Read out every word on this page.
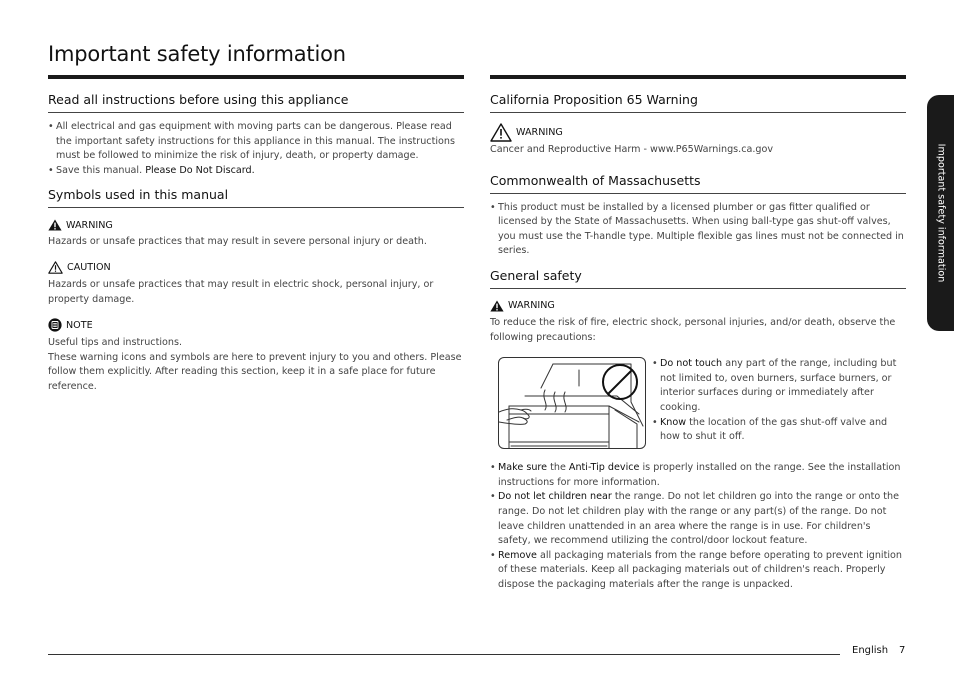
Important safety information
Read all instructions before using this appliance
• All electrical and gas equipment with moving parts can be dangerous. Please read the important safety instructions for this appliance in this manual. The instructions must be followed to minimize the risk of injury, death, or property damage.
• Save this manual. Please Do Not Discard.
Symbols used in this manual
WARNING

Hazards or unsafe practices that may result in severe personal injury or death.

CAUTION

Hazards or unsafe practices that may result in electric shock, personal injury, or property damage.

NOTE

Useful tips and instructions.

These warning icons and symbols are here to prevent injury to you and others. Please follow them explicitly. After reading this section, keep it in a safe place for future reference.

California Proposition 65 Warning
WARNING

Cancer and Reproductive Harm - www.P65Warnings.ca.gov

Commonwealth of Massachusetts
• This product must be installed by a licensed plumber or gas fitter qualified or licensed by the State of Massachusetts. When using ball-type gas shut-off valves, you must use the T-handle type. Multiple flexible gas lines must not be connected in series.
General safety
WARNING

To reduce the risk of fire, electric shock, personal injuries, and/or death, observe the following precautions:

• Do not touch any part of the range, including but not limited to, oven burners, surface burners, or interior surfaces during or immediately after cooking.
• Know the location of the gas shut-off valve and how to shut it off.
• Make sure the Anti-Tip device is properly installed on the range. See the installation instructions for more information.
• Do not let children near the range. Do not let children go into the range or onto the range. Do not let children play with the range or any part(s) of the range. Do not leave children unattended in an area where the range is in use. For children's safety, we recommend utilizing the control/door lockout feature.
• Remove all packaging materials from the range before operating to prevent ignition of these materials. Keep all packaging materials out of children's reach. Properly dispose the packaging materials after the range is unpacked.
Important safety information
English 7
